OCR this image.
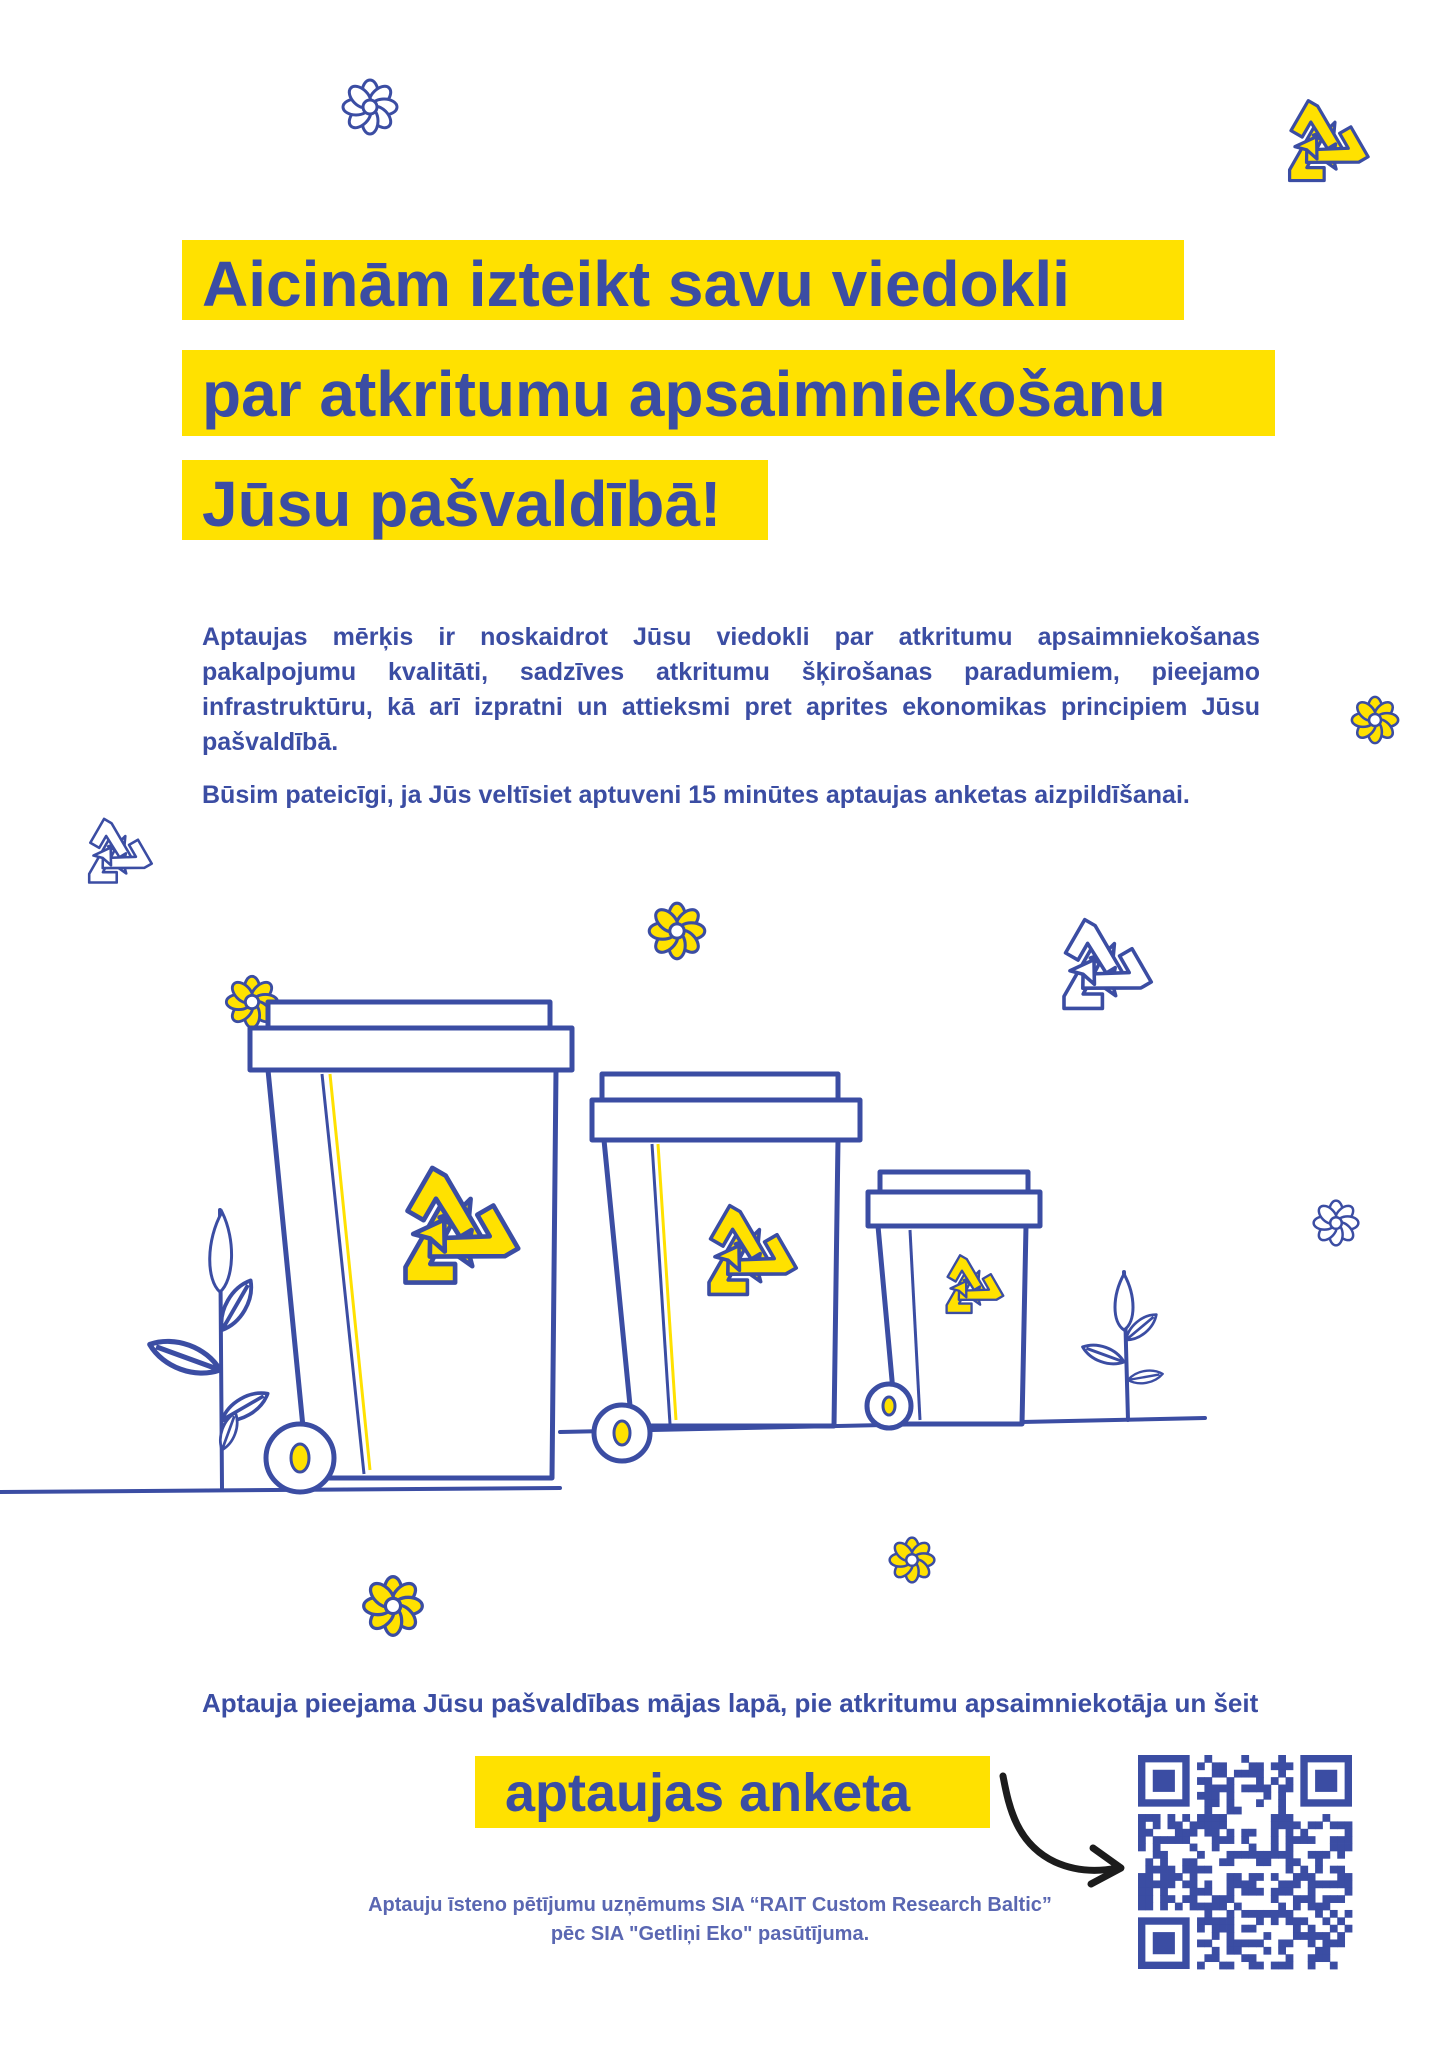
Aicinām izteikt savu viedokli
par atkritumu apsaimniekošanu
Jūsu pašvaldībā!

Aptaujas mērķis ir noskaidrot Jūsu viedokli par atkritumu apsaimniekošanas pakalpojumu kvalitāti, sadzīves atkritumu šķirošanas paradumiem, pieejamo infrastruktūru, kā arī izpratni un attieksmi pret aprites ekonomikas principiem Jūsu pašvaldībā.

Būsim pateicīgi, ja Jūs veltīsiet aptuveni 15 minūtes aptaujas anketas aizpildīšanai.

Aptauja pieejama Jūsu pašvaldības mājas lapā, pie atkritumu apsaimniekotāja un šeit
aptaujas anketa
Aptauju īsteno pētījumu uzņēmums SIA “RAIT Custom Research Baltic”
pēc SIA "Getliņi Eko" pasūtījuma.
